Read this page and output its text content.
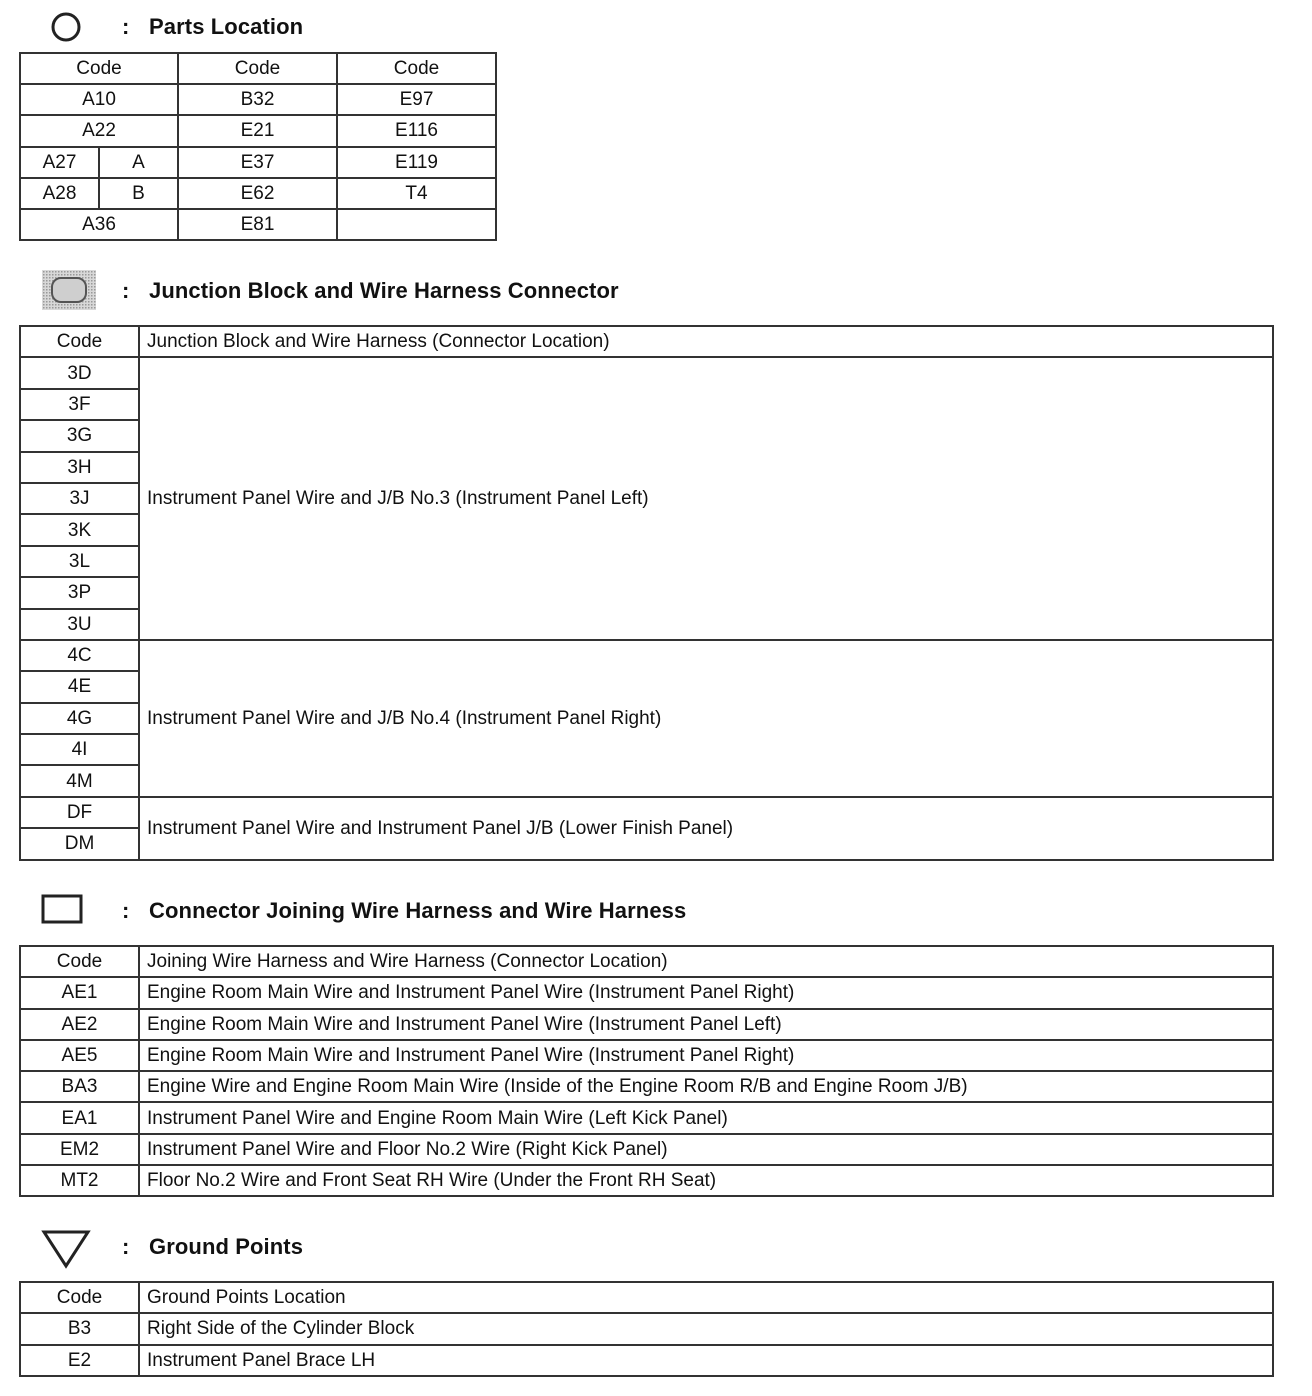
: Parts Location
Code		Code	Code
A10		B32	E97
A22		E21	E116
A27	A	E37	E119
A28	B	E62	T4
A36		E81	
: Junction Block and Wire Harness Connector
Code	Junction Block and Wire Harness (Connector Location)
3D	Instrument Panel Wire and J/B No.3 (Instrument Panel Left)
3F	
3G	
3H	
3J	
3K	
3L	
3P	
3U	
4C	Instrument Panel Wire and J/B No.4 (Instrument Panel Right)
4E	
4G	
4I	
4M	
DF	Instrument Panel Wire and Instrument Panel J/B (Lower Finish Panel)
DM	
: Connector Joining Wire Harness and Wire Harness
Code	Joining Wire Harness and Wire Harness (Connector Location)
AE1	Engine Room Main Wire and Instrument Panel Wire (Instrument Panel Right)
AE2	Engine Room Main Wire and Instrument Panel Wire (Instrument Panel Left)
AE5	Engine Room Main Wire and Instrument Panel Wire (Instrument Panel Right)
BA3	Engine Wire and Engine Room Main Wire (Inside of the Engine Room R/B and Engine Room J/B)
EA1	Instrument Panel Wire and Engine Room Main Wire (Left Kick Panel)
EM2	Instrument Panel Wire and Floor No.2 Wire (Right Kick Panel)
MT2	Floor No.2 Wire and Front Seat RH Wire (Under the Front RH Seat)
: Ground Points
Code	Ground Points Location
B3	Right Side of the Cylinder Block
E2	Instrument Panel Brace LH
